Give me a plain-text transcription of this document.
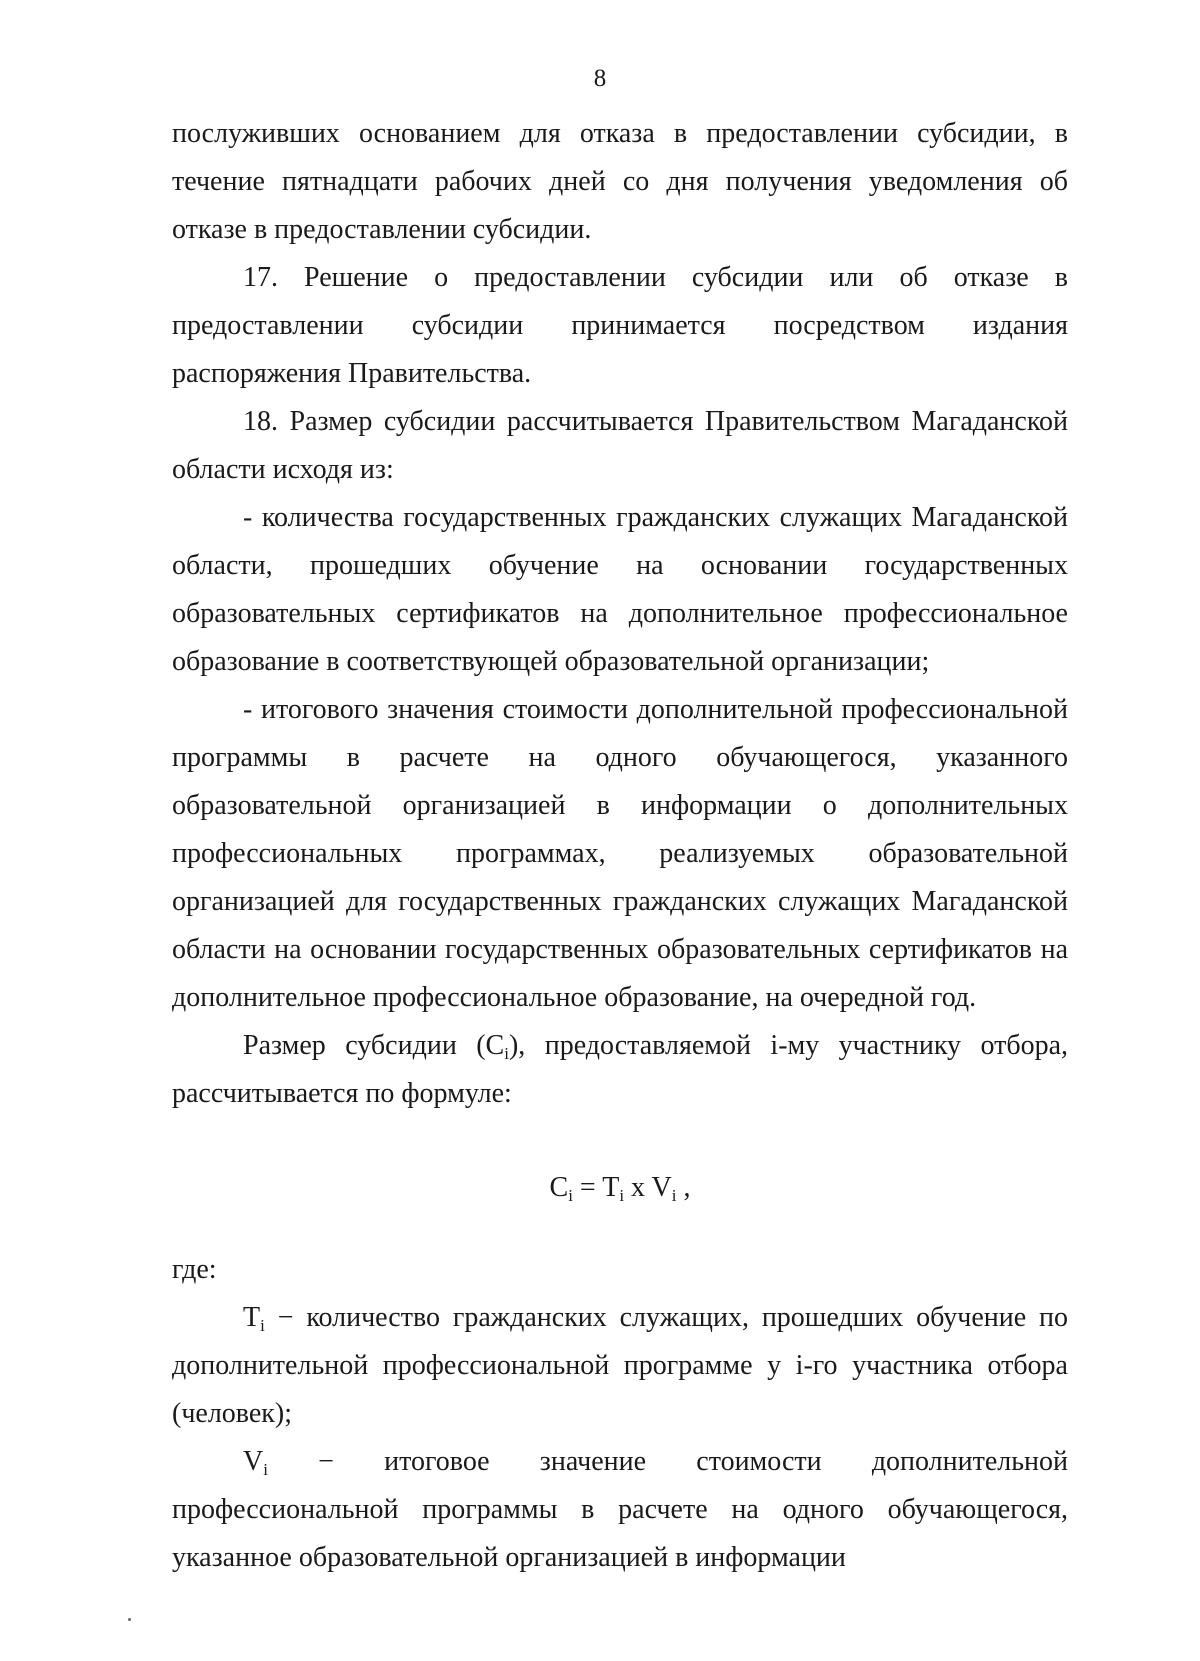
8

послуживших основанием для отказа в предоставлении субсидии, в течение пятнадцати рабочих дней со дня получения уведомления об отказе в предоставлении субсидии.

17. Решение о предоставлении субсидии или об отказе в предоставлении субсидии принимается посредством издания распоряжения Правительства.

18. Размер субсидии рассчитывается Правительством Магаданской области исходя из:

- количества государственных гражданских служащих Магаданской области, прошедших обучение на основании государственных образовательных сертификатов на дополнительное профессиональное образование в соответствующей образовательной организации;

- итогового значения стоимости дополнительной профессиональной программы в расчете на одного обучающегося, указанного образовательной организацией в информации о дополнительных профессиональных программах, реализуемых образовательной организацией для государственных гражданских служащих Магаданской области на основании государственных образовательных сертификатов на дополнительное профессиональное образование, на очередной год.

Размер субсидии $(C_i)$, предоставляемой i-му участнику отбора, рассчитывается по формуле:

$C_i = T_i$ x $V_i$ ,

где:

$T_i$ − количество гражданских служащих, прошедших обучение по дополнительной профессиональной программе у i-го участника отбора (человек);

$V_i$ − итоговое значение стоимости дополнительной профессиональной программы в расчете на одного обучающегося, указанное образовательной организацией в информации
